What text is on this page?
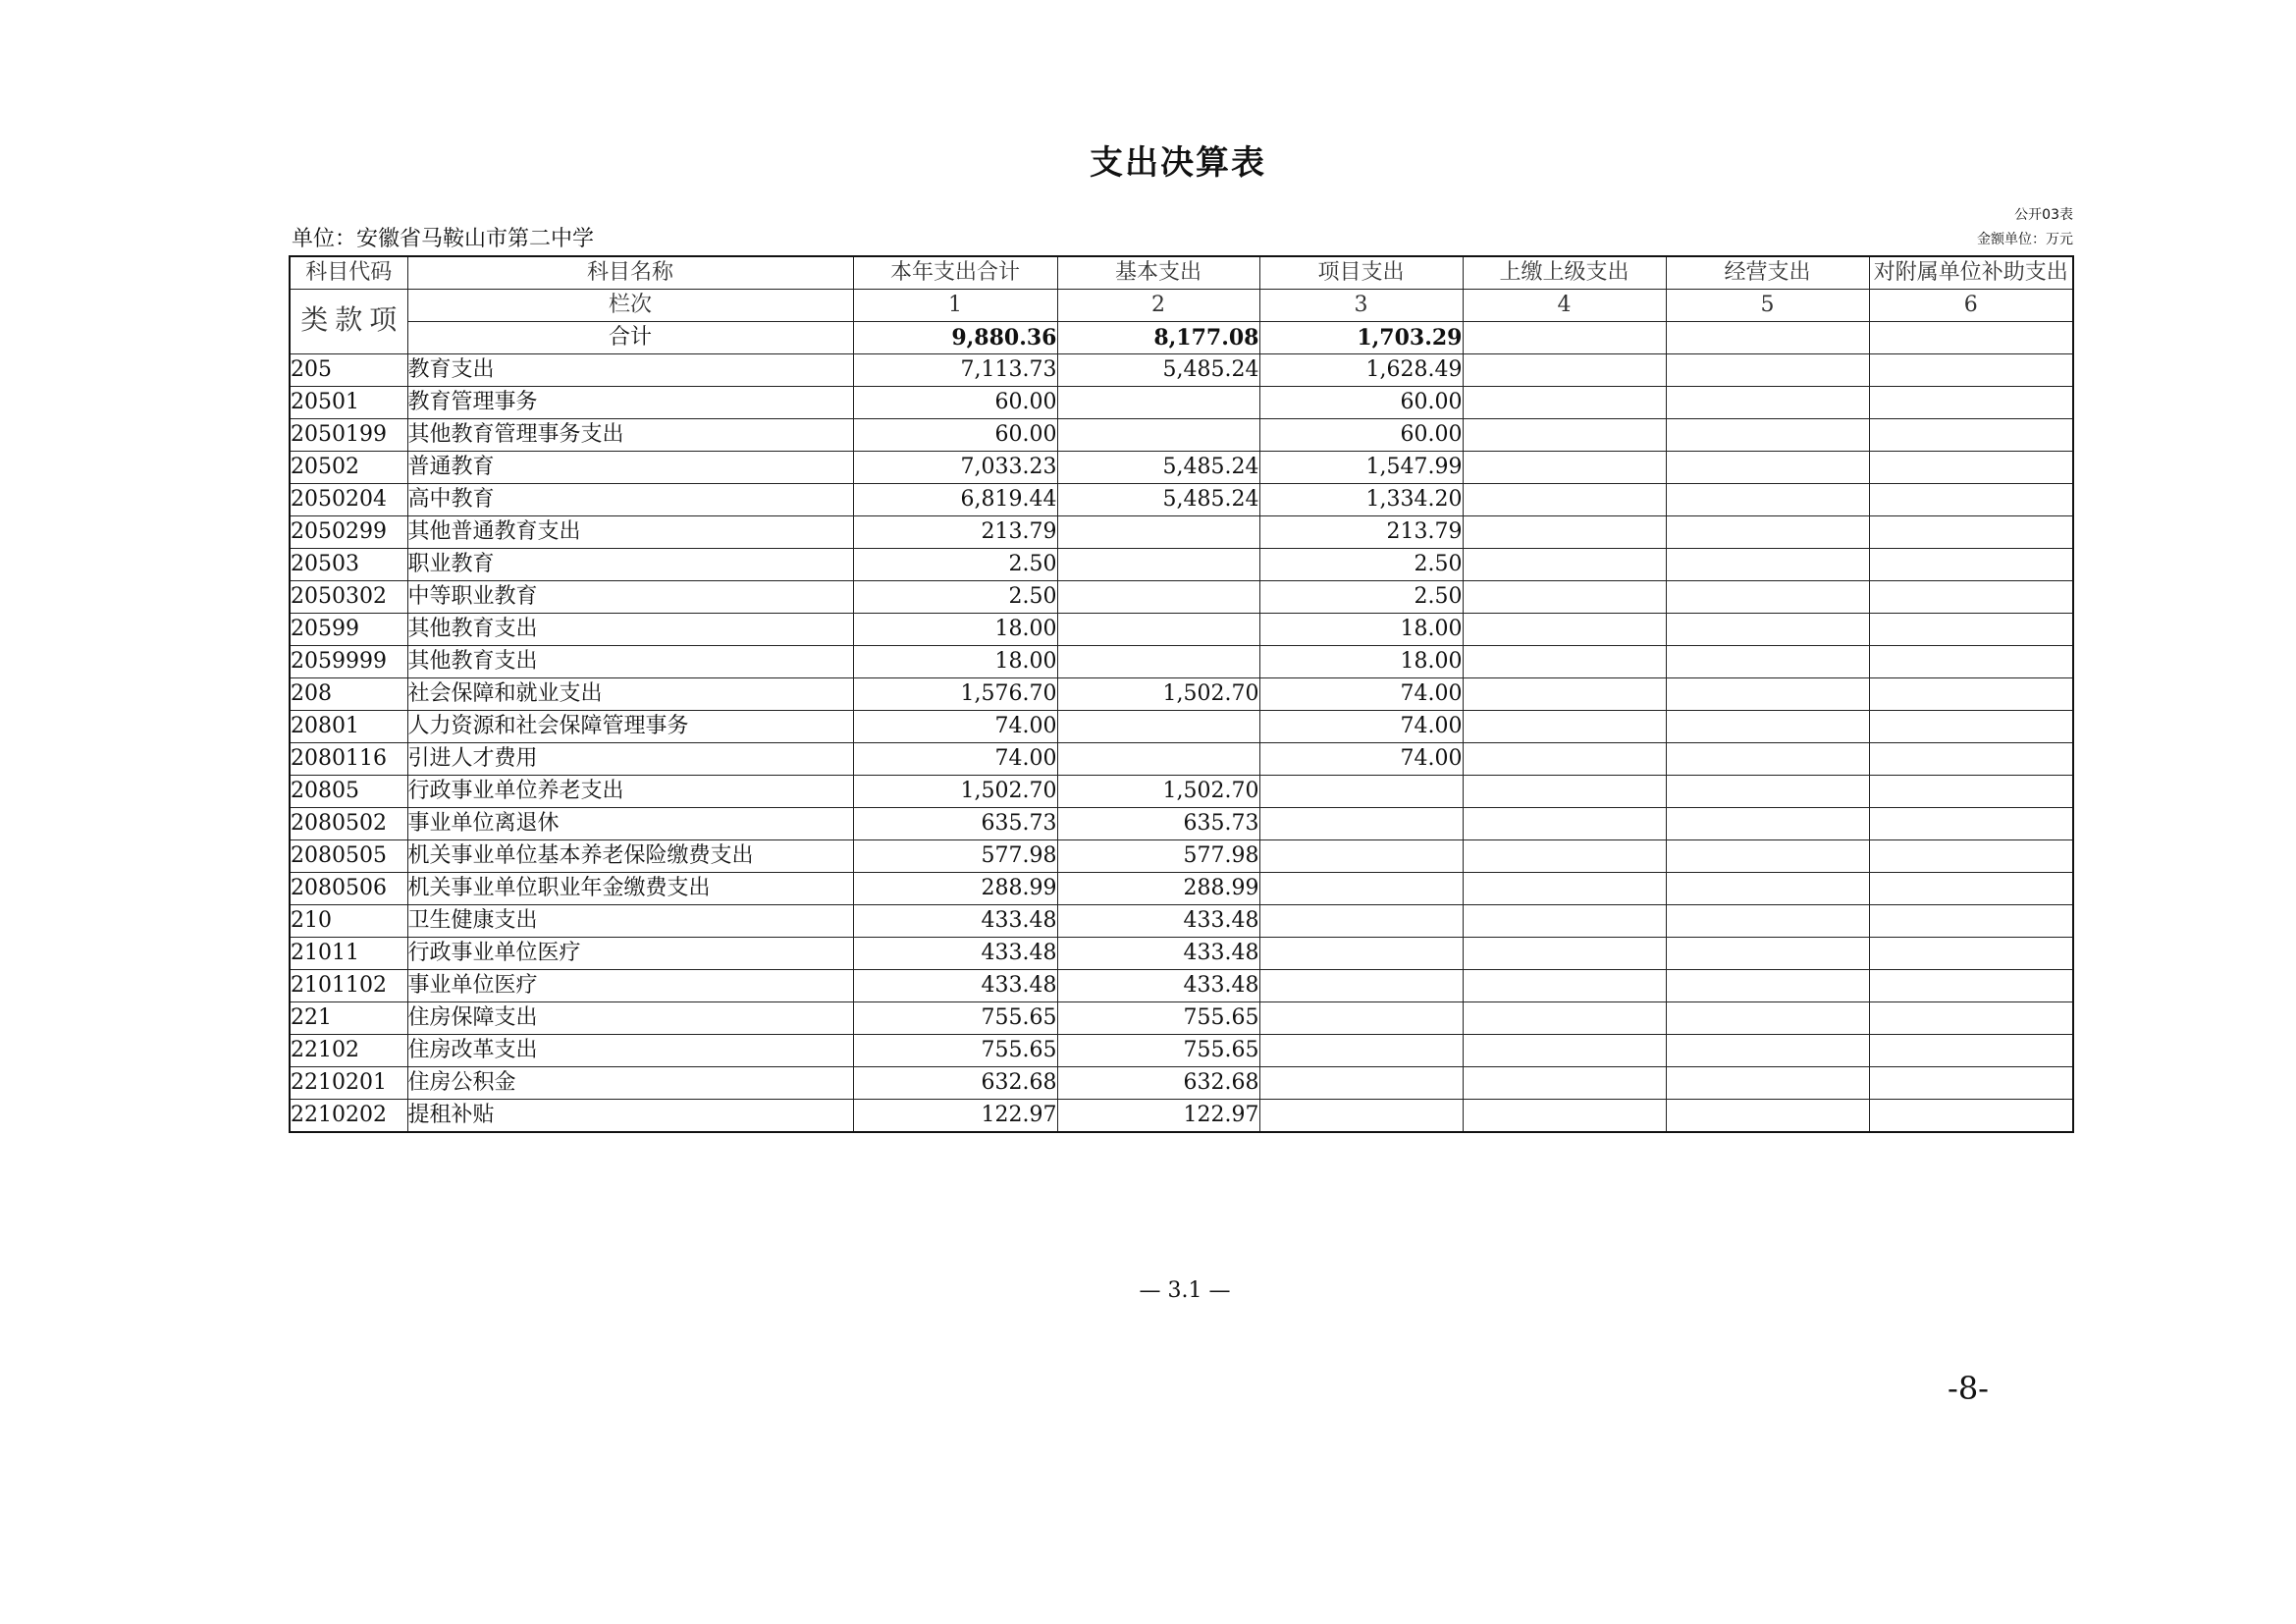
支出决算表
公开03表
单位：安徽省马鞍山市第二中学	金额单位：万元
科目代码	科目名称	本年支出合计	基本支出	项目支出	上缴上级支出	经营支出	对附属单位补助支出
类 款 项	栏次	1	2	3	4	5	6
	合计	9,880.36	8,177.08	1,703.29			
205	教育支出	7,113.73	5,485.24	1,628.49			
20501	教育管理事务	60.00		60.00			
2050199	其他教育管理事务支出	60.00		60.00			
20502	普通教育	7,033.23	5,485.24	1,547.99			
2050204	高中教育	6,819.44	5,485.24	1,334.20			
2050299	其他普通教育支出	213.79		213.79			
20503	职业教育	2.50		2.50			
2050302	中等职业教育	2.50		2.50			
20599	其他教育支出	18.00		18.00			
2059999	其他教育支出	18.00		18.00			
208	社会保障和就业支出	1,576.70	1,502.70	74.00			
20801	人力资源和社会保障管理事务	74.00		74.00			
2080116	引进人才费用	74.00		74.00			
20805	行政事业单位养老支出	1,502.70	1,502.70				
2080502	事业单位离退休	635.73	635.73				
2080505	机关事业单位基本养老保险缴费支出	577.98	577.98				
2080506	机关事业单位职业年金缴费支出	288.99	288.99				
210	卫生健康支出	433.48	433.48				
21011	行政事业单位医疗	433.48	433.48				
2101102	事业单位医疗	433.48	433.48				
221	住房保障支出	755.65	755.65				
22102	住房改革支出	755.65	755.65				
2210201	住房公积金	632.68	632.68				
2210202	提租补贴	122.97	122.97				
— 3.1 —
-8-
